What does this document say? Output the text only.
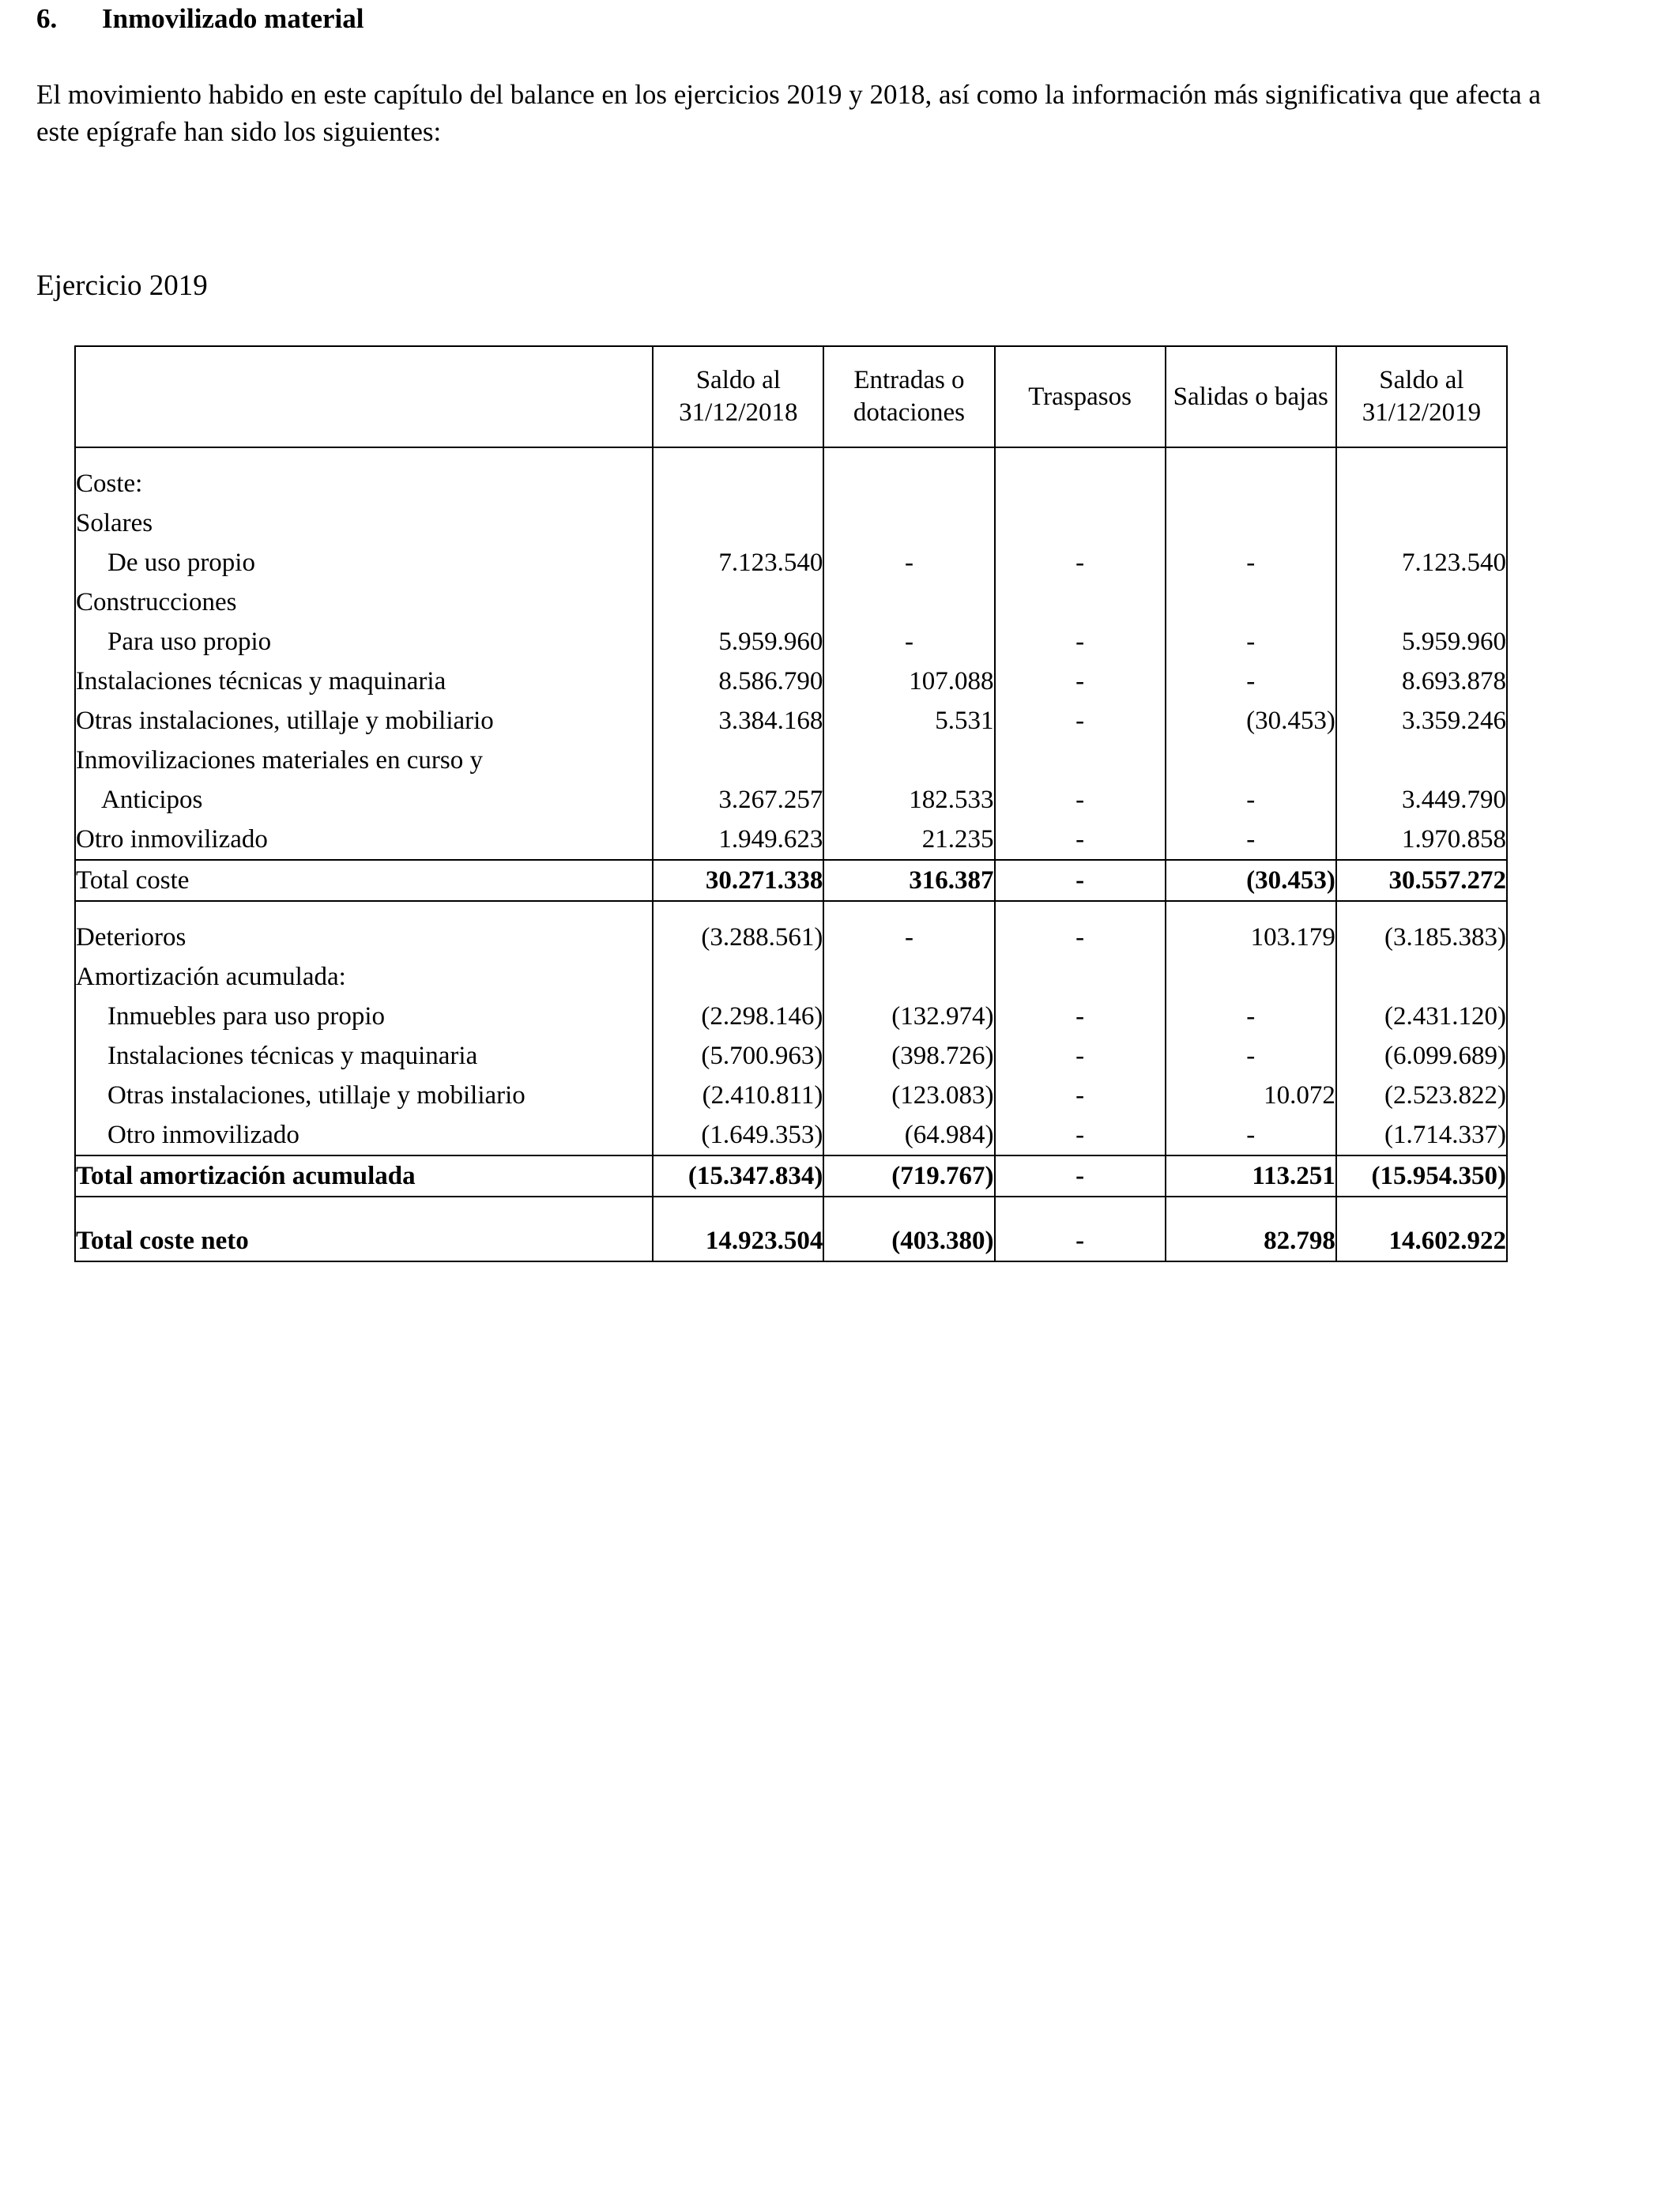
6. Inmovilizado material
El movimiento habido en este capítulo del balance en los ejercicios 2019 y 2018, así como la información más significativa que afecta a este epígrafe han sido los siguientes:
Ejercicio 2019
	Saldo al 31/12/2018	Entradas o dotaciones	Traspasos	Salidas o bajas	Saldo al 31/12/2019

Coste:					
Solares					
De uso propio	7.123.540	-	-	-	7.123.540
Construcciones					
Para uso propio	5.959.960	-	-	-	5.959.960
Instalaciones técnicas y maquinaria	8.586.790	107.088	-	-	8.693.878
Otras instalaciones, utillaje y mobiliario	3.384.168	5.531	-	(30.453)	3.359.246
Inmovilizaciones materiales en curso y					
Anticipos	3.267.257	182.533	-	-	3.449.790
Otro inmovilizado	1.949.623	21.235	-	-	1.970.858
Total coste	30.271.338	316.387	-	(30.453)	30.557.272

Deterioros	(3.288.561)	-	-	103.179	(3.185.383)
Amortización acumulada:					
Inmuebles para uso propio	(2.298.146)	(132.974)	-	-	(2.431.120)
Instalaciones técnicas y maquinaria	(5.700.963)	(398.726)	-	-	(6.099.689)
Otras instalaciones, utillaje y mobiliario	(2.410.811)	(123.083)	-	10.072	(2.523.822)
Otro inmovilizado	(1.649.353)	(64.984)	-	-	(1.714.337)
Total amortización acumulada	(15.347.834)	(719.767)	-	113.251	(15.954.350)

Total coste neto	14.923.504	(403.380)	-	82.798	14.602.922
